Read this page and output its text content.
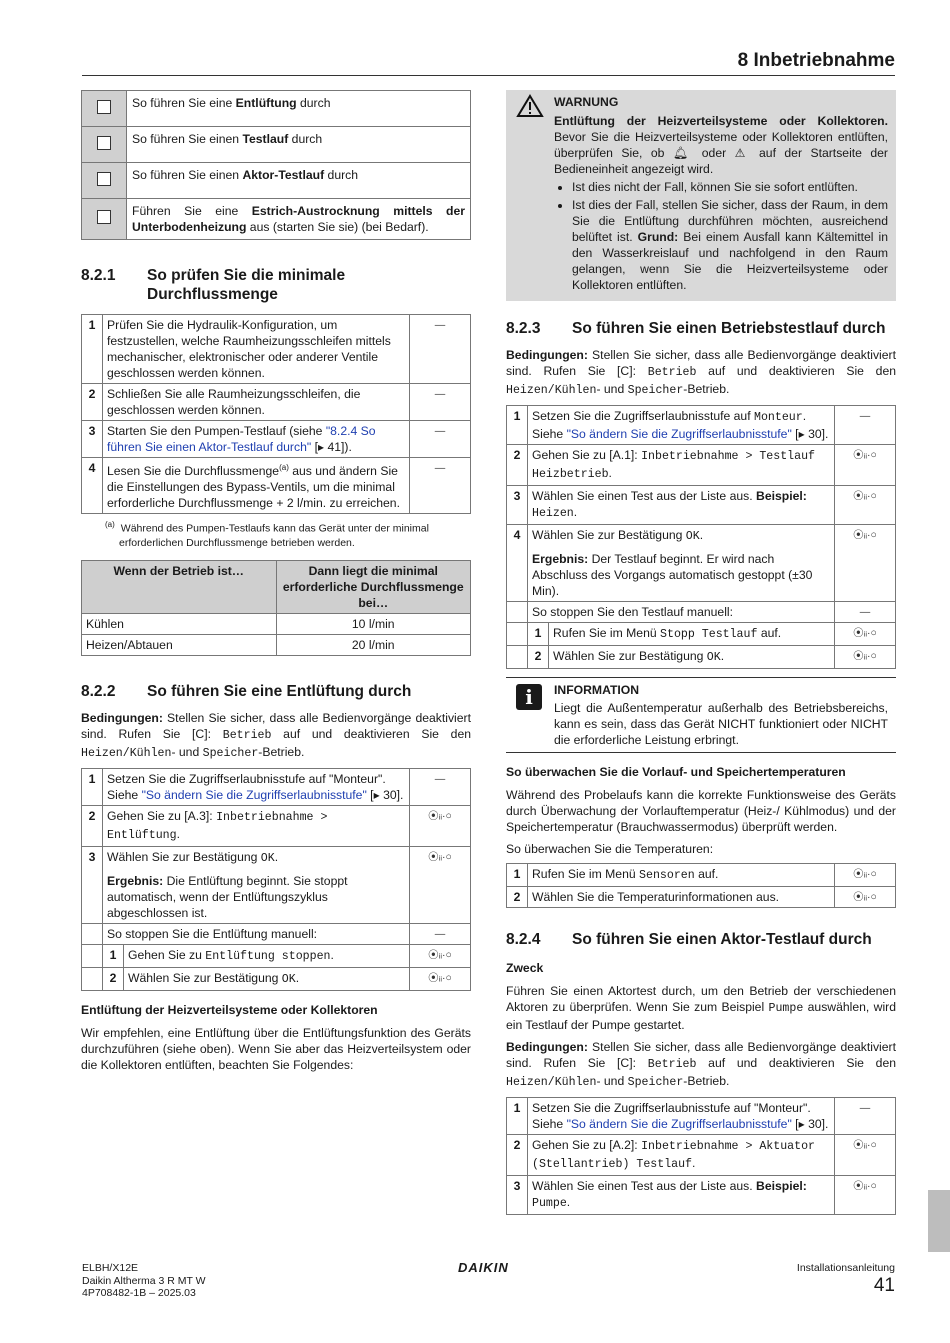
8 Inbetriebnahme
	So führen Sie eine Entlüftung durch
	So führen Sie einen Testlauf durch
	So führen Sie einen Aktor-Testlauf durch
	Führen Sie eine Estrich-Austrocknung mittels der Unterbodenheizung aus (starten Sie sie) (bei Bedarf).
8.2.1	So prüfen Sie die minimale Durchflussmenge
1	Prüfen Sie die Hydraulik-Konfiguration, um festzustellen, welche Raumheizungsschleifen mittels mechanischer, elektronischer oder anderer Ventile geschlossen werden können.	—
2	Schließen Sie alle Raumheizungsschleifen, die geschlossen werden können.	—
3	Starten Sie den Pumpen-Testlauf (siehe "8.2.4 So führen Sie einen Aktor-Testlauf durch" [▸ 41]).	—
4	Lesen Sie die Durchflussmenge$^{(a)}$ aus und ändern Sie die Einstellungen des Bypass-Ventils, um die minimal erforderliche Durchflussmenge + 2 l/min. zu erreichen.	—
$^{(a)}$ Während des Pumpen-Testlaufs kann das Gerät unter der minimal erforderlichen Durchflussmenge betrieben werden.
Wenn der Betrieb ist…	Dann liegt die minimal erforderliche Durchflussmenge bei…
Kühlen	10 l/min
Heizen/Abtauen	20 l/min
8.2.2	So führen Sie eine Entlüftung durch

Bedingungen: Stellen Sie sicher, dass alle Bedienvorgänge deaktiviert sind. Rufen Sie [C]: Betrieb auf und deaktivieren Sie den Heizen/Kühlen- und Speicher-Betrieb.

1	Setzen Sie die Zugriffserlaubnisstufe auf "Monteur". Siehe "So ändern Sie die Zugriffserlaubnisstufe" [▸ 30].		—
2	Gehen Sie zu [A.3]: Inbetriebnahme > Entlüftung.		⦿ᵢᵢ·○
3	Wählen Sie zur Bestätigung OK.
Ergebnis: Die Entlüftung beginnt. Sie stoppt automatisch, wenn der Entlüftungszyklus abgeschlossen ist.		⦿ᵢᵢ·○
	So stoppen Sie die Entlüftung manuell:		—
	1	Gehen Sie zu Entlüftung stoppen.	⦿ᵢᵢ·○
	2	Wählen Sie zur Bestätigung OK.	⦿ᵢᵢ·○
Entlüftung der Heizverteilsysteme oder Kollektoren

Wir empfehlen, eine Entlüftung über die Entlüftungsfunktion des Geräts durchzuführen (siehe oben). Wenn Sie aber das Heizverteilsystem oder die Kollektoren entlüften, beachten Sie Folgendes:

WARNUNG
Entlüftung der Heizverteilsysteme oder Kollektoren. Bevor Sie die Heizverteilsysteme oder Kollektoren entlüften, überprüfen Sie, ob 🔔︎ oder ⚠︎ auf der Startseite der Bedieneinheit angezeigt wird.
• Ist dies nicht der Fall, können Sie sie sofort entlüften.
• Ist dies der Fall, stellen Sie sicher, dass der Raum, in dem Sie die Entlüftung durchführen möchten, ausreichend belüftet ist. Grund: Bei einem Ausfall kann Kältemittel in den Wasserkreislauf und nachfolgend in den Raum gelangen, wenn Sie die Heizverteilsysteme oder Kollektoren entlüften.
8.2.3	So führen Sie einen Betriebstestlauf durch

Bedingungen: Stellen Sie sicher, dass alle Bedienvorgänge deaktiviert sind. Rufen Sie [C]: Betrieb auf und deaktivieren Sie den Heizen/Kühlen- und Speicher-Betrieb.

1	Setzen Sie die Zugriffserlaubnisstufe auf Monteur. Siehe "So ändern Sie die Zugriffserlaubnisstufe" [▸ 30].		—
2	Gehen Sie zu [A.1]: Inbetriebnahme > Testlauf Heizbetrieb.		⦿ᵢᵢ·○
3	Wählen Sie einen Test aus der Liste aus. Beispiel: Heizen.		⦿ᵢᵢ·○
4	Wählen Sie zur Bestätigung OK.
Ergebnis: Der Testlauf beginnt. Er wird nach Abschluss des Vorgangs automatisch gestoppt (±30 Min).		⦿ᵢᵢ·○
	So stoppen Sie den Testlauf manuell:		—
	1	Rufen Sie im Menü Stopp Testlauf auf.	⦿ᵢᵢ·○
	2	Wählen Sie zur Bestätigung OK.	⦿ᵢᵢ·○
i	INFORMATION
Liegt die Außentemperatur außerhalb des Betriebsbereichs, kann es sein, dass das Gerät NICHT funktioniert oder NICHT die erforderliche Leistung erbringt.
So überwachen Sie die Vorlauf- und Speichertemperaturen

Während des Probelaufs kann die korrekte Funktionsweise des Geräts durch Überwachung der Vorlauftemperatur (Heiz-/ Kühlmodus) und der Speichertemperatur (Brauchwassermodus) überprüft werden.

So überwachen Sie die Temperaturen:

1	Rufen Sie im Menü Sensoren auf.	⦿ᵢᵢ·○
2	Wählen Sie die Temperaturinformationen aus.	⦿ᵢᵢ·○
8.2.4	So führen Sie einen Aktor-Testlauf durch
Zweck

Führen Sie einen Aktortest durch, um den Betrieb der verschiedenen Aktoren zu überprüfen. Wenn Sie zum Beispiel Pumpe auswählen, wird ein Testlauf der Pumpe gestartet.

Bedingungen: Stellen Sie sicher, dass alle Bedienvorgänge deaktiviert sind. Rufen Sie [C]: Betrieb auf und deaktivieren Sie den Heizen/Kühlen- und Speicher-Betrieb.

1	Setzen Sie die Zugriffserlaubnisstufe auf "Monteur". Siehe "So ändern Sie die Zugriffserlaubnisstufe" [▸ 30].	—
2	Gehen Sie zu [A.2]: Inbetriebnahme > Aktuator (Stellantrieb) Testlauf.	⦿ᵢᵢ·○
3	Wählen Sie einen Test aus der Liste aus. Beispiel: Pumpe.	⦿ᵢᵢ·○
ELBH/X12E
Daikin Altherma 3 R MT W
4P708482-1B – 2025.03
DAIKIN	Installationsanleitung
41
